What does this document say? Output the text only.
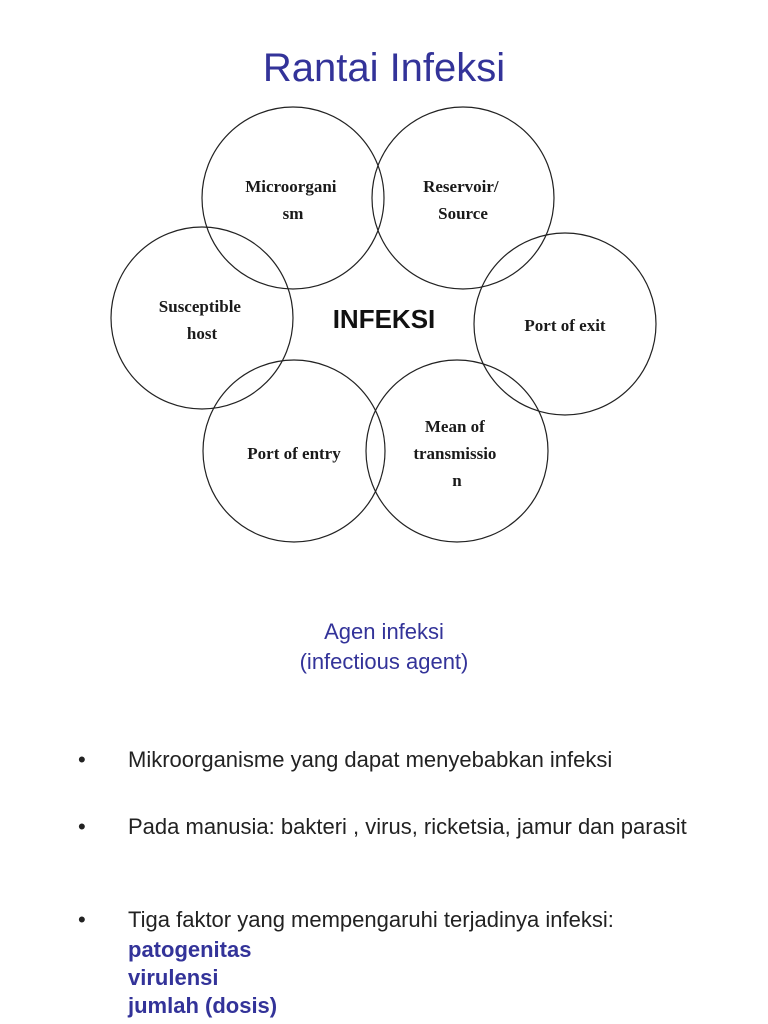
Rantai Infeksi
Microorgani sm
Reservoir/ Source
Port of exit
Mean of transmissio n
Port of entry
Susceptible host	INFEKSI
Agen infeksi
(infectious agent)
• Mikroorganisme yang dapat menyebabkan infeksi
• Pada manusia: bakteri , virus, ricketsia, jamur dan parasit
• Tiga faktor yang mempengaruhi terjadinya infeksi:
patogenitas
virulensi
jumlah (dosis)
